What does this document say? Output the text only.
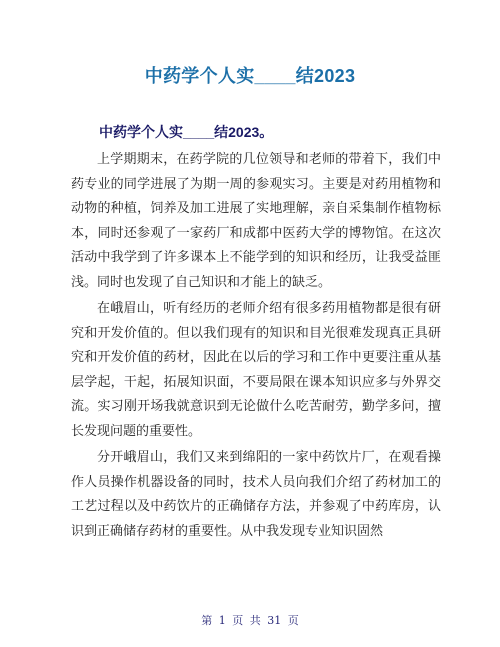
中药学个人实____结2023
中药学个人实____结2023。

上学期期末，在药学院的几位领导和老师的带着下，我们中药专业的同学进展了为期一周的参观实习。主要是对药用植物和动物的种植，饲养及加工进展了实地理解，亲自采集制作植物标本，同时还参观了一家药厂和成都中医药大学的博物馆。在这次活动中我学到了许多课本上不能学到的知识和经历，让我受益匪浅。同时也发现了自己知识和才能上的缺乏。

在峨眉山，听有经历的老师介绍有很多药用植物都是很有研究和开发价值的。但以我们现有的知识和目光很难发现真正具研究和开发价值的药材，因此在以后的学习和工作中更要注重从基层学起，干起，拓展知识面，不要局限在课本知识应多与外界交流。实习刚开场我就意识到无论做什么吃苦耐劳，勤学多问，擅长发现问题的重要性。

分开峨眉山，我们又来到绵阳的一家中药饮片厂，在观看操作人员操作机器设备的同时，技术人员向我们介绍了药材加工的工艺过程以及中药饮片的正确储存方法，并参观了中药库房，认识到正确储存药材的重要性。从中我发现专业知识固然

第 1 页 共 31 页
